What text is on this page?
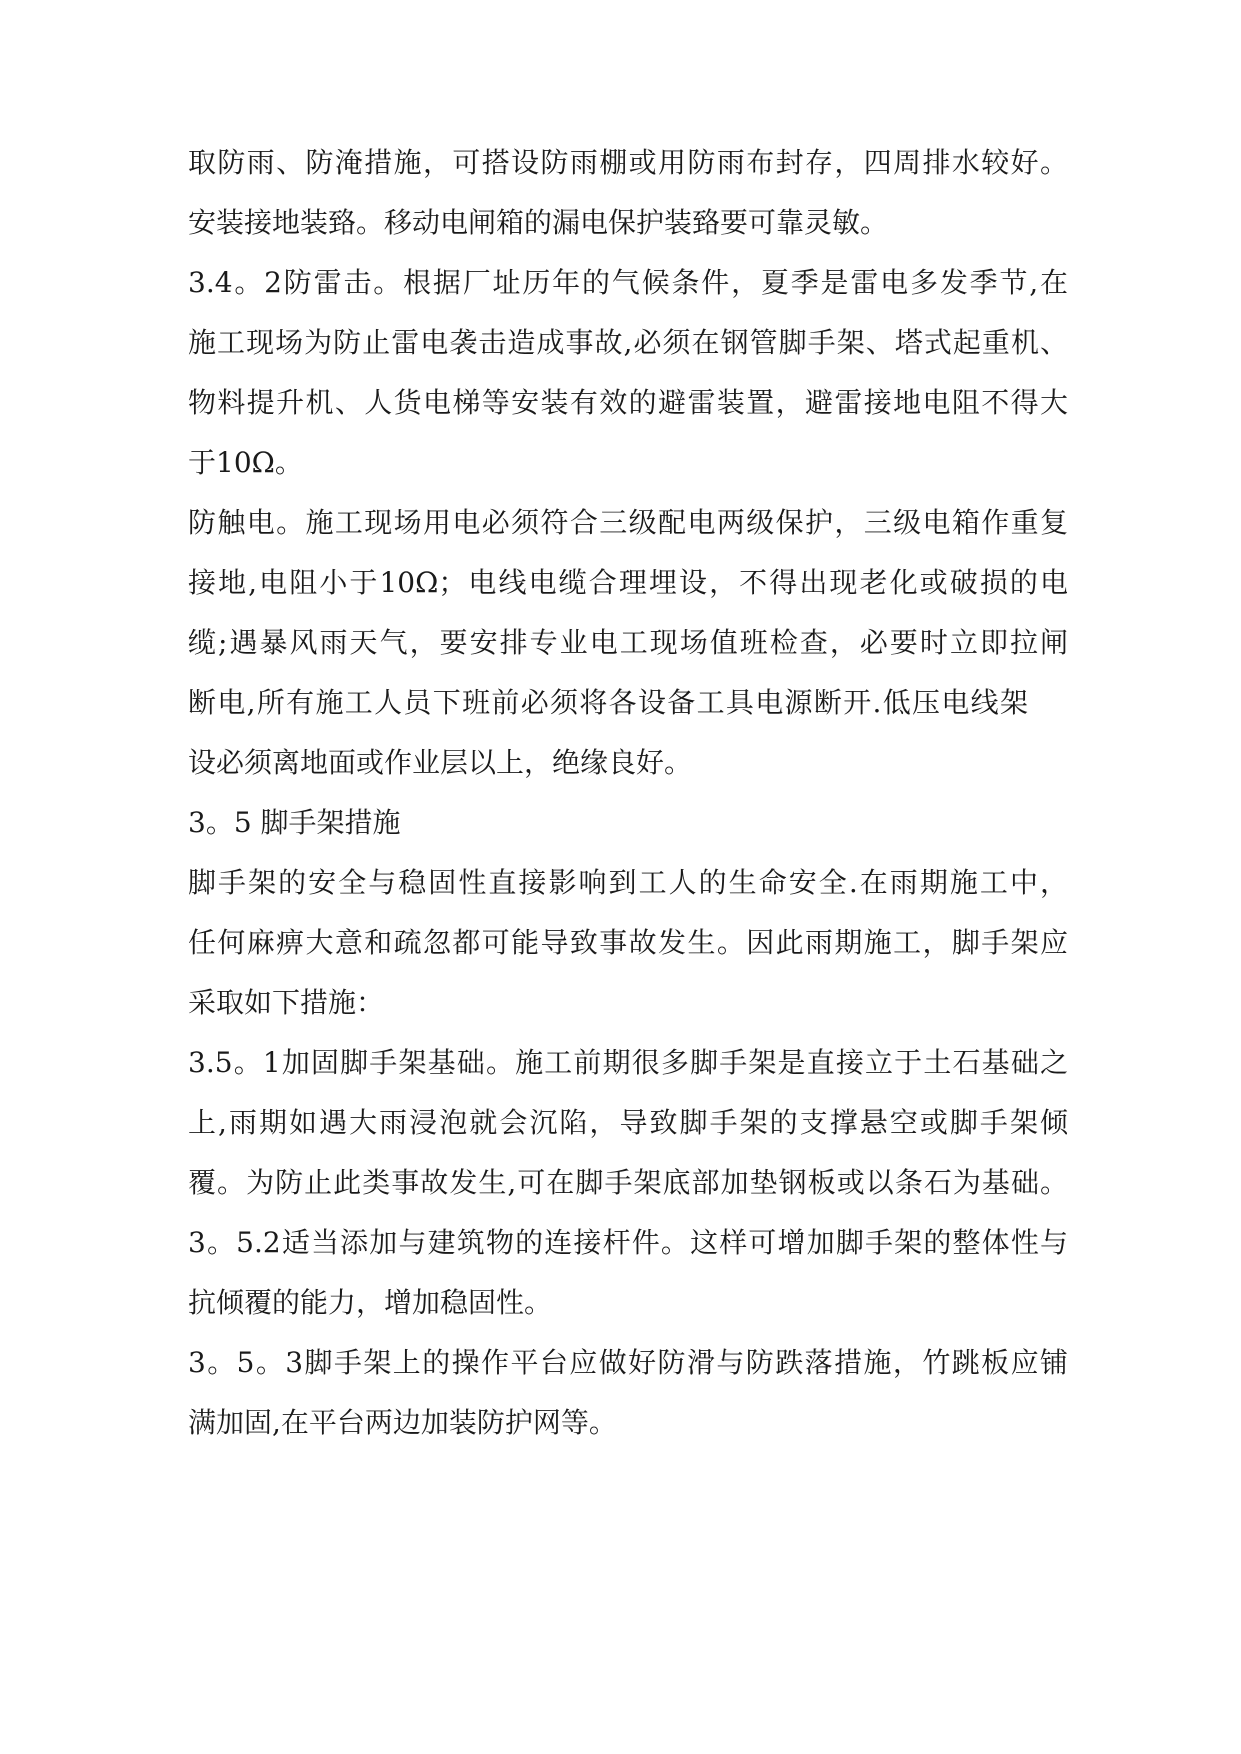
取防雨、防淹措施，可搭设防雨棚或用防雨布封存，四周排水较好。

安装接地装臵。移动电闸箱的漏电保护装臵要可靠灵敏。

3.4。2防雷击。根据厂址历年的气候条件，夏季是雷电多发季节,在

施工现场为防止雷电袭击造成事故,必须在钢管脚手架、塔式起重机、

物料提升机、人货电梯等安装有效的避雷装置，避雷接地电阻不得大

于10Ω。

防触电。施工现场用电必须符合三级配电两级保护，三级电箱作重复

接地,电阻小于10Ω；电线电缆合理埋设，不得出现老化或破损的电

缆;遇暴风雨天气，要安排专业电工现场值班检查，必要时立即拉闸

断电,所有施工人员下班前必须将各设备工具电源断开.低压电线架

设必须离地面或作业层以上，绝缘良好。

3。5 脚手架措施

脚手架的安全与稳固性直接影响到工人的生命安全.在雨期施工中，

任何麻痹大意和疏忽都可能导致事故发生。因此雨期施工，脚手架应

采取如下措施：

3.5。1加固脚手架基础。施工前期很多脚手架是直接立于土石基础之

上,雨期如遇大雨浸泡就会沉陷，导致脚手架的支撑悬空或脚手架倾

覆。为防止此类事故发生,可在脚手架底部加垫钢板或以条石为基础。

3。5.2适当添加与建筑物的连接杆件。这样可增加脚手架的整体性与

抗倾覆的能力，增加稳固性。

3。5。3脚手架上的操作平台应做好防滑与防跌落措施，竹跳板应铺

满加固,在平台两边加装防护网等。
